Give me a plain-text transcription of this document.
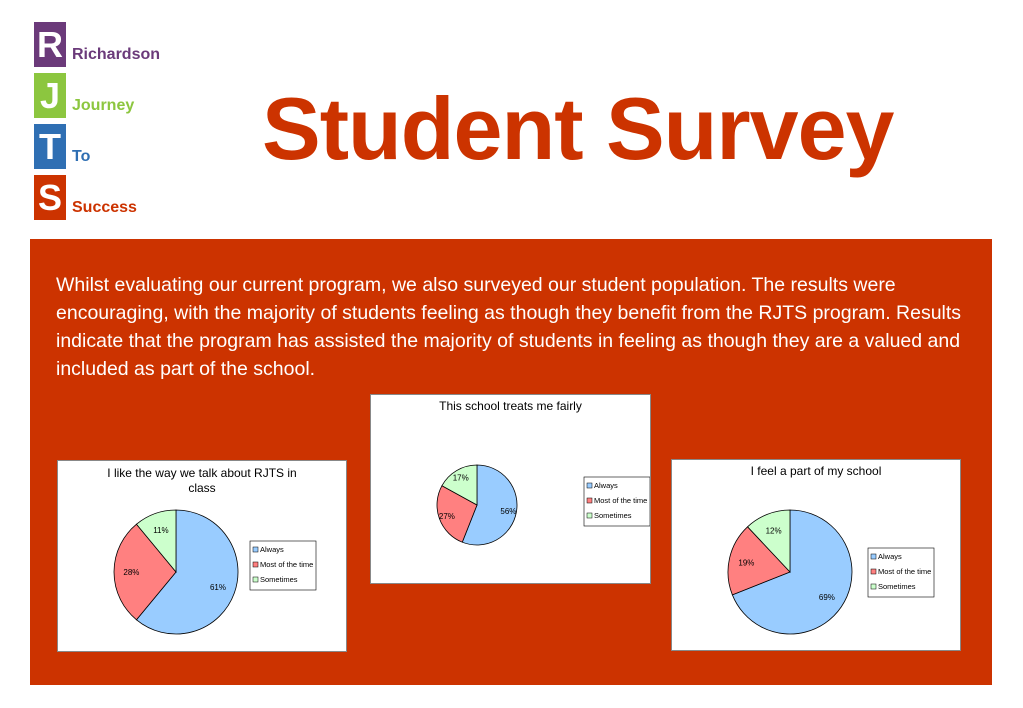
R Richardson
J Journey
T To
S Success
Student Survey
Whilst evaluating our current program, we also surveyed our student population. The results were encouraging, with the majority of students feeling as though they benefit from the RJTS program. Results indicate that the program has assisted the majority of students in feeling as though they are a valued and included as part of the school.
I like the way we talk about RJTS in
class
61%
28%
11%
Always
Most of the time
Sometimes
This school treats me fairly
56%
27%
17%
Always
Most of the time
Sometimes
I feel a part of my school
69%
19%
12%
Always
Most of the time
Sometimes
